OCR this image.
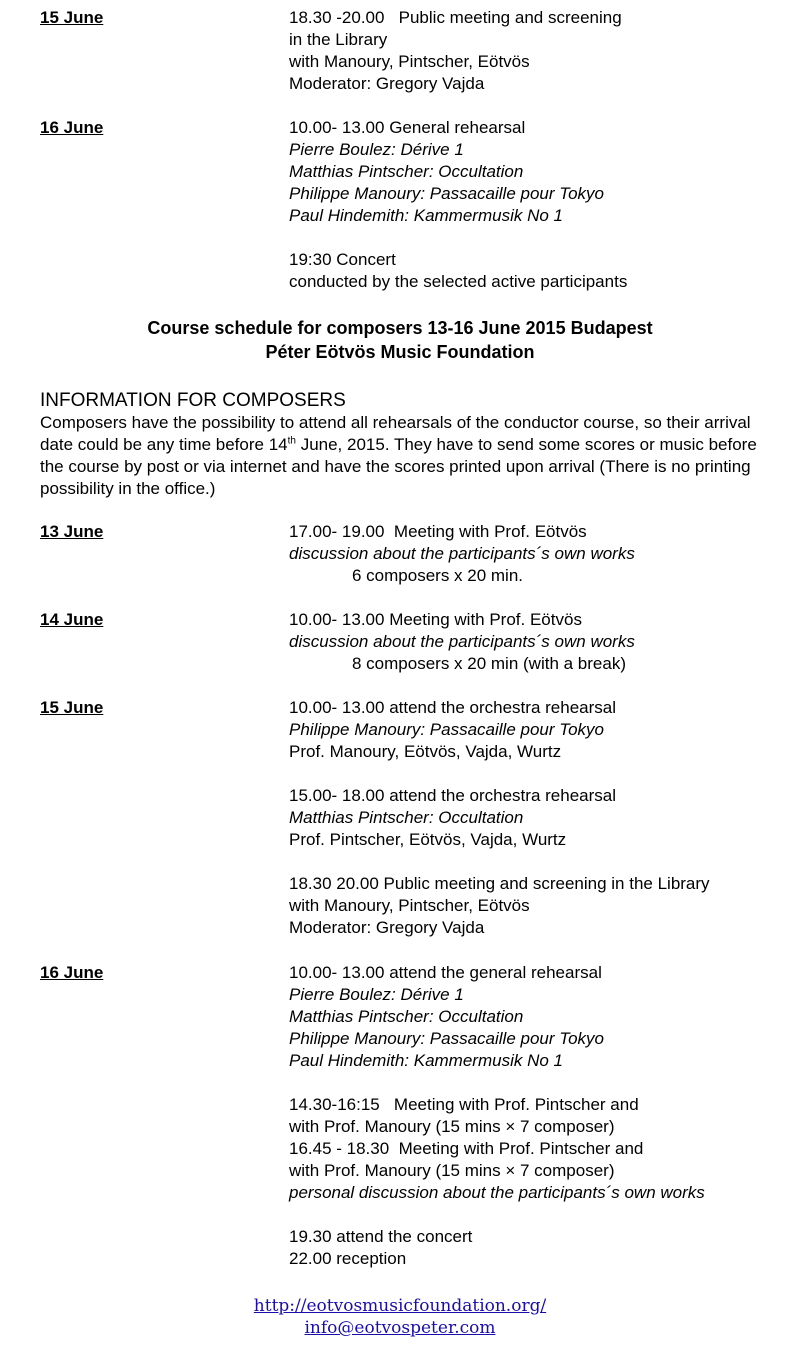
15 June	18.30 -20.00   Public meeting and screening
in the Library
with Manoury, Pintscher, Eötvös
Moderator: Gregory Vajda
16 June	10.00- 13.00 General rehearsal
Pierre Boulez: Dérive 1
Matthias Pintscher: Occultation
Philippe Manoury: Passacaille pour Tokyo
Paul Hindemith: Kammermusik No 1
19:30 Concert
conducted by the selected active participants
Course schedule for composers 13-16 June 2015 Budapest
Péter Eötvös Music Foundation
INFORMATION FOR COMPOSERS

Composers have the possibility to attend all rehearsals of the conductor course, so their arrival date could be any time before 14th June, 2015. They have to send some scores or music before the course by post or via internet and have the scores printed upon arrival (There is no printing possibility in the office.)

13 June	17.00- 19.00  Meeting with Prof. Eötvös
discussion about the participants´s own works
6 composers x 20 min.
14 June	10.00- 13.00 Meeting with Prof. Eötvös
discussion about the participants´s own works
8 composers x 20 min (with a break)
15 June	10.00- 13.00 attend the orchestra rehearsal
Philippe Manoury: Passacaille pour Tokyo
Prof. Manoury, Eötvös, Vajda, Wurtz
15.00- 18.00 attend the orchestra rehearsal
Matthias Pintscher: Occultation
Prof. Pintscher, Eötvös, Vajda, Wurtz
18.30 20.00 Public meeting and screening in the Library
with Manoury, Pintscher, Eötvös
Moderator: Gregory Vajda
16 June	10.00- 13.00 attend the general rehearsal
Pierre Boulez: Dérive 1
Matthias Pintscher: Occultation
Philippe Manoury: Passacaille pour Tokyo
Paul Hindemith: Kammermusik No 1
14.30-16:15   Meeting with Prof. Pintscher and
with Prof. Manoury (15 mins × 7 composer)
16.45 - 18.30  Meeting with Prof. Pintscher and
with Prof. Manoury (15 mins × 7 composer)
personal discussion about the participants´s own works
19.30 attend the concert
22.00 reception
http://eotvosmusicfoundation.org/
info@eotvospeter.com
